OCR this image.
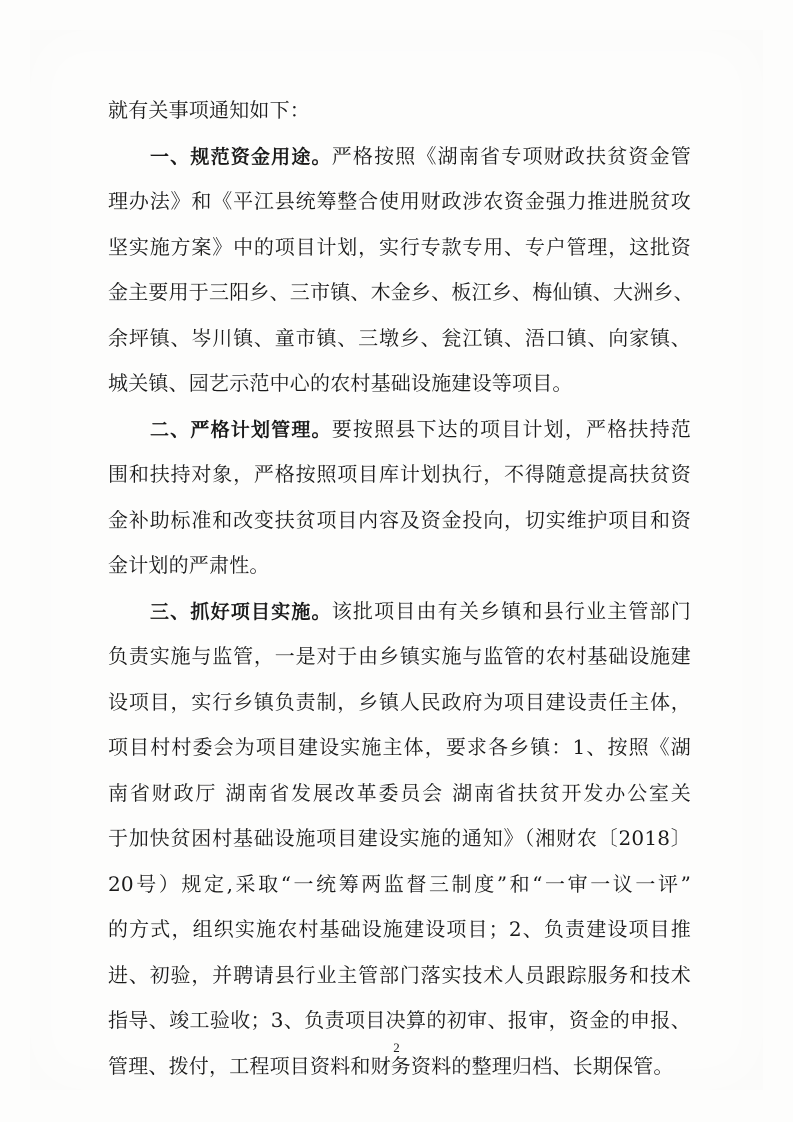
就有关事项通知如下：
一、规范资金用途。严格按照《湖南省专项财政扶贫资金管
理办法》和《平江县统筹整合使用财政涉农资金强力推进脱贫攻
坚实施方案》中的项目计划，实行专款专用、专户管理，这批资
金主要用于三阳乡、三市镇、木金乡、板江乡、梅仙镇、大洲乡、
余坪镇、岑川镇、童市镇、三墩乡、瓮江镇、浯口镇、向家镇、
城关镇、园艺示范中心的农村基础设施建设等项目。
二、严格计划管理。要按照县下达的项目计划，严格扶持范
围和扶持对象，严格按照项目库计划执行，不得随意提高扶贫资
金补助标准和改变扶贫项目内容及资金投向，切实维护项目和资
金计划的严肃性。
三、抓好项目实施。该批项目由有关乡镇和县行业主管部门
负责实施与监管，一是对于由乡镇实施与监管的农村基础设施建
设项目，实行乡镇负责制，乡镇人民政府为项目建设责任主体，
项目村村委会为项目建设实施主体，要求各乡镇：1、按照《湖
南省财政厅 湖南省发展改革委员会 湖南省扶贫开发办公室关
于加快贫困村基础设施项目建设实施的通知》（湘财农〔2018〕
20号）规定,采取“一统筹两监督三制度”和“一审一议一评”
的方式，组织实施农村基础设施建设项目；2、负责建设项目推
进、初验，并聘请县行业主管部门落实技术人员跟踪服务和技术
指导、竣工验收；3、负责项目决算的初审、报审，资金的申报、
管理、拨付，工程项目资料和财务资料的整理归档、长期保管。
2
